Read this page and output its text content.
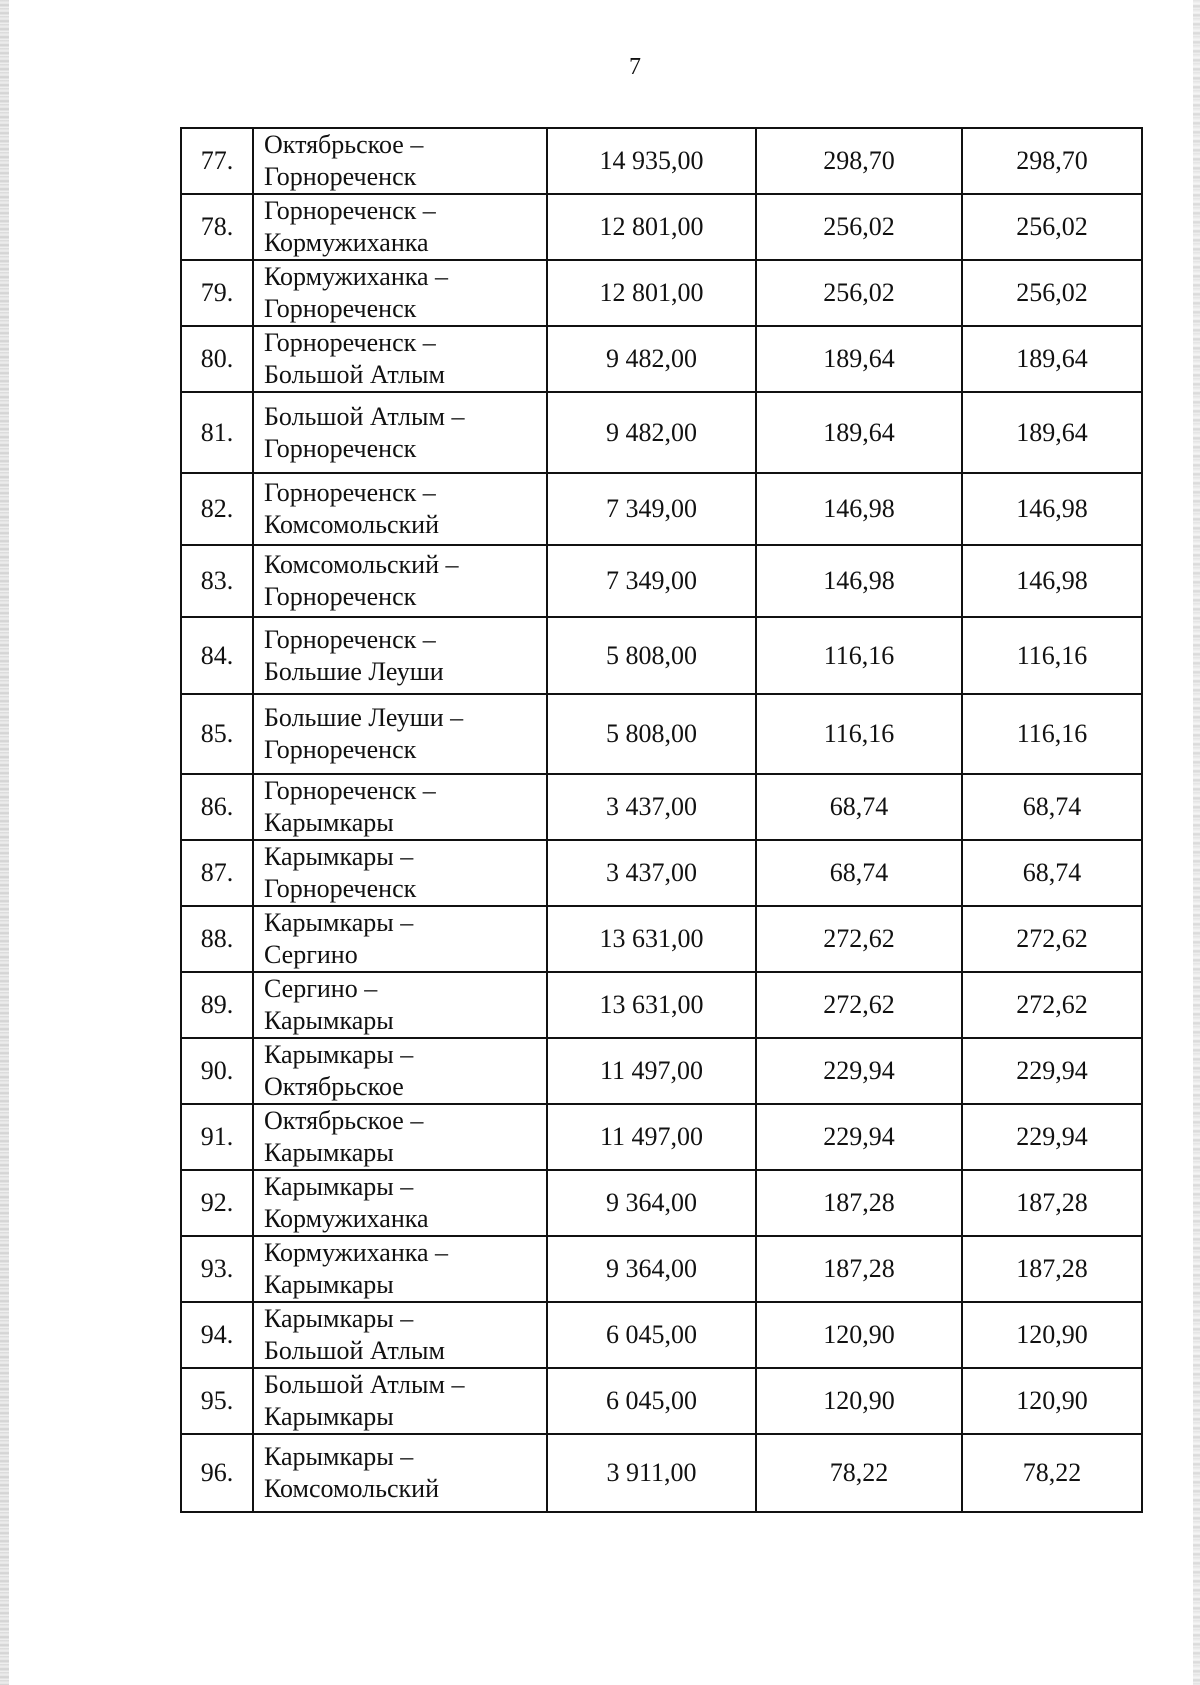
7
77.	Октябрьское –
Горнореченск	14 935,00	298,70	298,70
78.	Горнореченск –
Кормужиханка	12 801,00	256,02	256,02
79.	Кормужиханка –
Горнореченск	12 801,00	256,02	256,02
80.	Горнореченск –
Большой Атлым	9 482,00	189,64	189,64
81.	Большой Атлым –
Горнореченск	9 482,00	189,64	189,64
82.	Горнореченск –
Комсомольский	7 349,00	146,98	146,98
83.	Комсомольский –
Горнореченск	7 349,00	146,98	146,98
84.	Горнореченск –
Большие Леуши	5 808,00	116,16	116,16
85.	Большие Леуши –
Горнореченск	5 808,00	116,16	116,16
86.	Горнореченск –
Карымкары	3 437,00	68,74	68,74
87.	Карымкары –
Горнореченск	3 437,00	68,74	68,74
88.	Карымкары –
Сергино	13 631,00	272,62	272,62
89.	Сергино –
Карымкары	13 631,00	272,62	272,62
90.	Карымкары –
Октябрьское	11 497,00	229,94	229,94
91.	Октябрьское –
Карымкары	11 497,00	229,94	229,94
92.	Карымкары –
Кормужиханка	9 364,00	187,28	187,28
93.	Кормужиханка –
Карымкары	9 364,00	187,28	187,28
94.	Карымкары –
Большой Атлым	6 045,00	120,90	120,90
95.	Большой Атлым –
Карымкары	6 045,00	120,90	120,90
96.	Карымкары –
Комсомольский	3 911,00	78,22	78,22
